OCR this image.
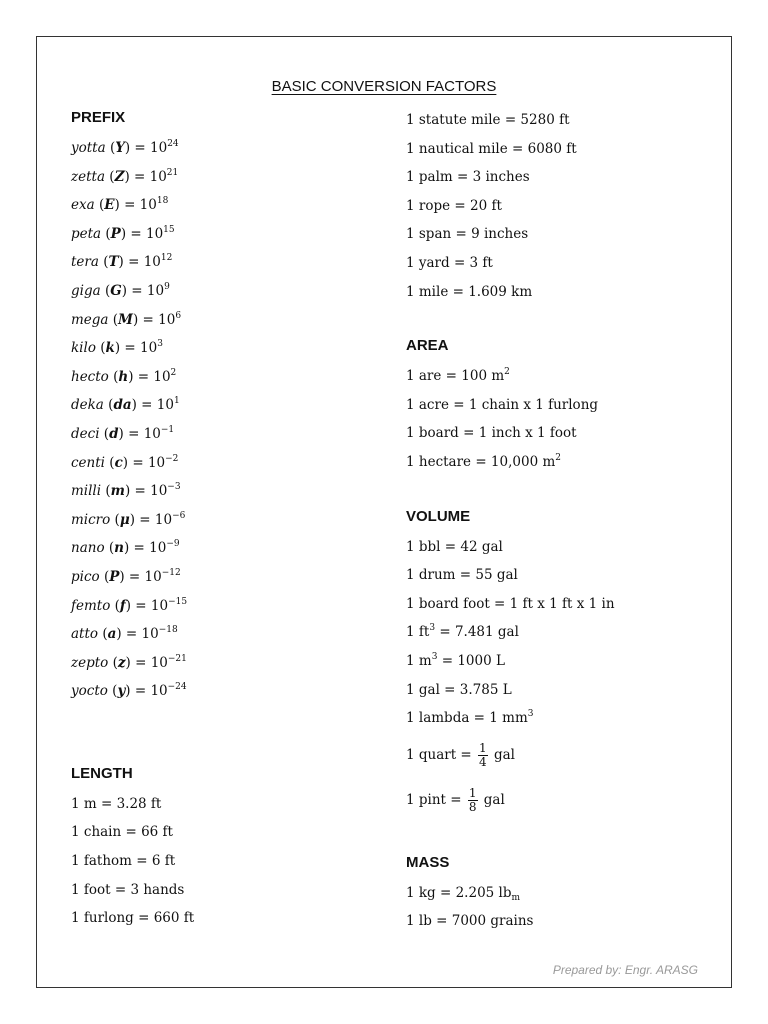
BASIC CONVERSION FACTORS
PREFIX
yotta $(Y) = 10^{24}$
zetta $(Z) = 10^{21}$
exa $(E) = 10^{18}$
peta $(P) = 10^{15}$
tera $(T) = 10^{12}$
giga $(G) = 10^9$
mega $(M) = 10^6$
kilo $(k) = 10^3$
hecto $(h) = 10^2$
deka $(da) = 10^1$
deci $(d) = 10^{-1}$
centi $(c) = 10^{-2}$
milli $(m) = 10^{-3}$
micro $(\mu) = 10^{-6}$
nano $(n) = 10^{-9}$
pico $(P) = 10^{-12}$
femto $(f) = 10^{-15}$
atto $(a) = 10^{-18}$
zepto $(z) = 10^{-21}$
yocto $(y) = 10^{-24}$
LENGTH
1 m = 3.28 ft
1 chain = 66 ft
1 fathom = 6 ft
1 foot = 3 hands
1 furlong = 660 ft
1 statute mile = 5280 ft
1 nautical mile = 6080 ft
1 palm = 3 inches
1 rope = 20 ft
1 span = 9 inches
1 yard = 3 ft
1 mile = 1.609 km
AREA
1 are = 100 $m^2$
1 acre = 1 chain x 1 furlong
1 board = 1 inch x 1 foot
1 hectare = 10,000 $m^2$
VOLUME
1 bbl = 42 gal
1 drum = 55 gal
1 board foot = 1 ft x 1 ft x 1 in
1 $ft^3 = 7.481$ gal
1 $m^3 = 1000$ L
1 gal = 3.785 L
1 lambda = 1 $mm^3$
1 quart = $\frac{1}{4}$ gal
1 pint = $\frac{1}{8}$ gal
MASS
1 kg = 2.205 $lb_m$
1 lb = 7000 grains
Prepared by: Engr. ARASG
